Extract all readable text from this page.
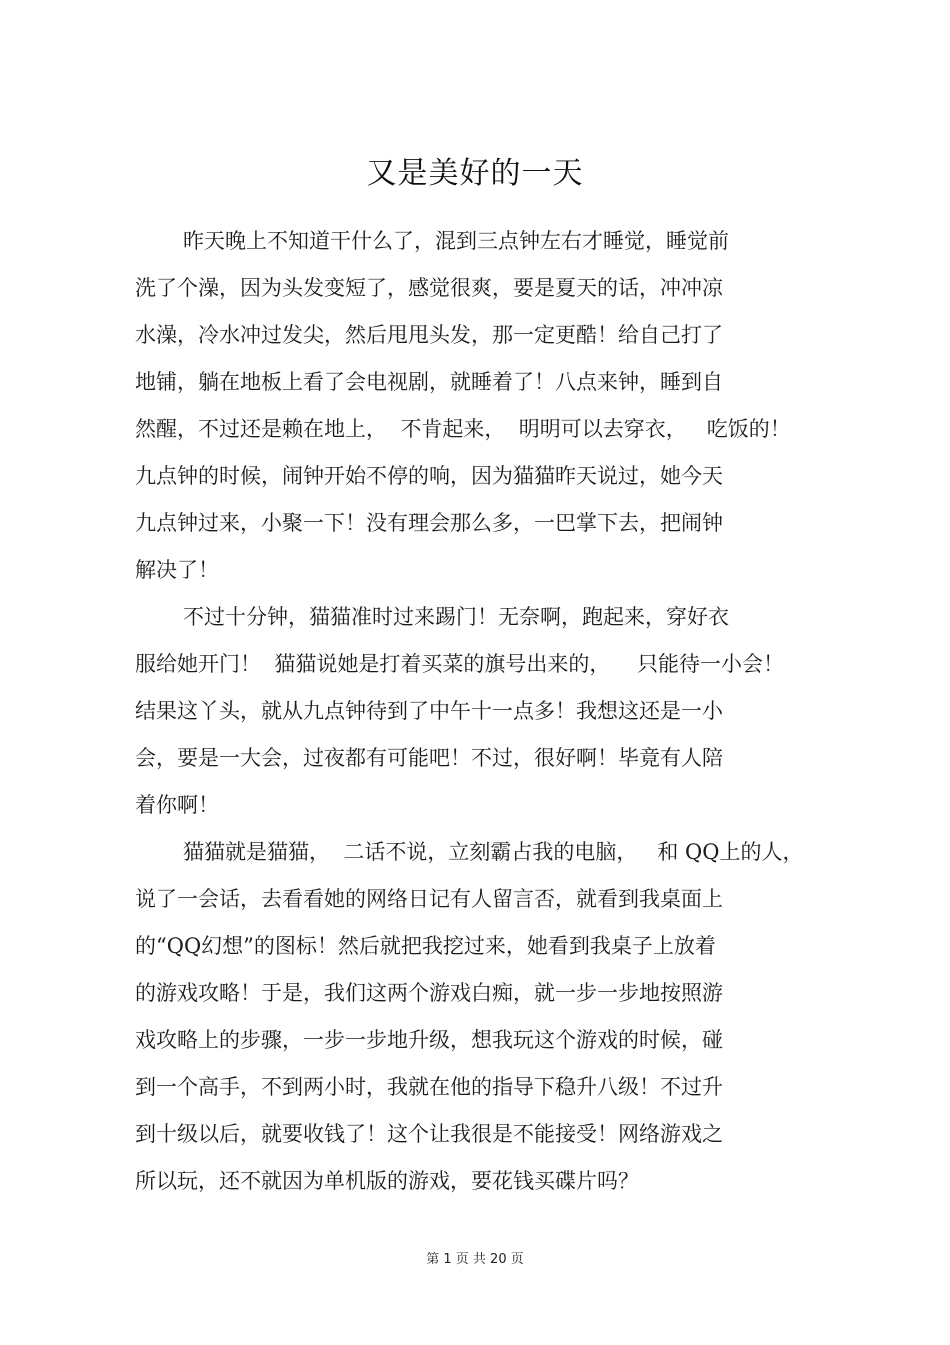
又是美好的一天
昨天晚上不知道干什么了，混到三点钟左右才睡觉，睡觉前
洗了个澡，因为头发变短了，感觉很爽，要是夏天的话，冲冲凉
水澡，冷水冲过发尖，然后甩甩头发，那一定更酷！给自己打了
地铺，躺在地板上看了会电视剧，就睡着了！八点来钟，睡到自
然醒，不过还是赖在地上，  不肯起来，  明明可以去穿衣，   吃饭的！
九点钟的时候，闹钟开始不停的响，因为猫猫昨天说过，她今天
九点钟过来，小聚一下！没有理会那么多，一巴掌下去，把闹钟
解决了！
不过十分钟，猫猫准时过来踢门！无奈啊，跑起来，穿好衣
服给她开门！  猫猫说她是打着买菜的旗号出来的，    只能待一小会！
结果这丫头，就从九点钟待到了中午十一点多！我想这还是一小
会，要是一大会，过夜都有可能吧！不过，很好啊！毕竟有人陪
着你啊！
猫猫就是猫猫，  二话不说，立刻霸占我的电脑，   和 QQ上的人，
说了一会话，去看看她的网络日记有人留言否，就看到我桌面上
的“QQ幻想”的图标！然后就把我挖过来，她看到我桌子上放着
的游戏攻略！于是，我们这两个游戏白痴，就一步一步地按照游
戏攻略上的步骤，一步一步地升级，想我玩这个游戏的时候，碰
到一个高手，不到两小时，我就在他的指导下稳升八级！不过升
到十级以后，就要收钱了！这个让我很是不能接受！网络游戏之
所以玩，还不就因为单机版的游戏，要花钱买碟片吗？
第 1 页 共 20 页
